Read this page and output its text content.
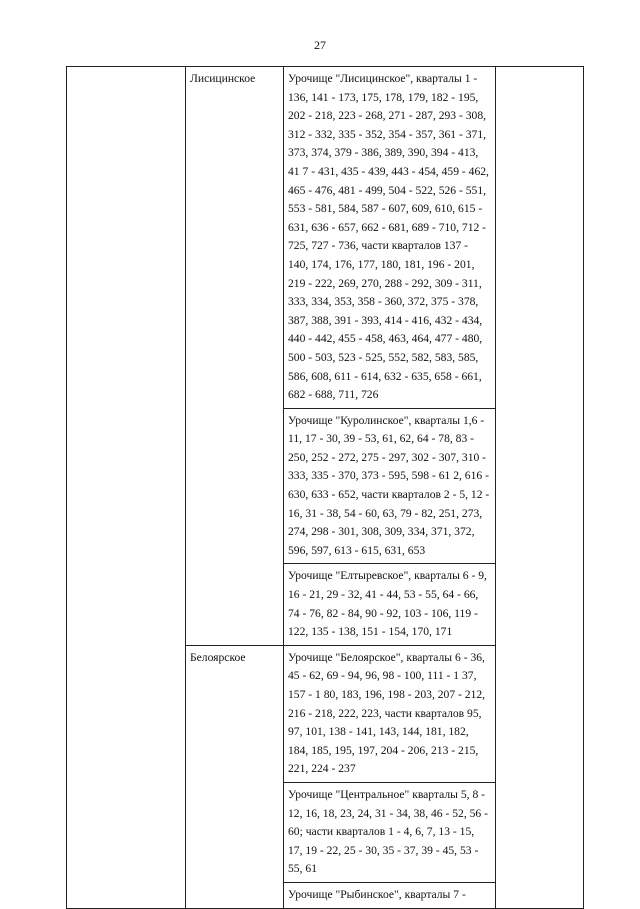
27
	Лисицинское	Урочище "Лисицинское", кварталы 1 - 136, 141 - 173, 175, 178, 179, 182 - 195, 202 - 218, 223 - 268, 271 - 287, 293 - 308, 312 - 332, 335 - 352, 354 - 357, 361 - 371, 373, 374, 379 - 386, 389, 390, 394 - 413, 41 7 - 431, 435 - 439, 443 - 454, 459 - 462, 465 - 476, 481 - 499, 504 - 522, 526 - 551, 553 - 581, 584, 587 - 607, 609, 610, 615 - 631, 636 - 657, 662 - 681, 689 - 710, 712 - 725, 727 - 736, части кварталов 137 - 140, 174, 176, 177, 180, 181, 196 - 201, 219 - 222, 269, 270, 288 - 292, 309 - 311, 333, 334, 353, 358 - 360, 372, 375 - 378, 387, 388, 391 - 393, 414 - 416, 432 - 434, 440 - 442, 455 - 458, 463, 464, 477 - 480, 500 - 503, 523 - 525, 552, 582, 583, 585, 586, 608, 611 - 614, 632 - 635, 658 - 661, 682 - 688, 711, 726	
		Урочище "Куролинское", кварталы 1,6 - 11, 17 - 30, 39 - 53, 61, 62, 64 - 78, 83 - 250, 252 - 272, 275 - 297, 302 - 307, 310 - 333, 335 - 370, 373 - 595, 598 - 61 2, 616 - 630, 633 - 652, части кварталов 2 - 5, 12 - 16, 31 - 38, 54 - 60, 63, 79 - 82, 251, 273, 274, 298 - 301, 308, 309, 334, 371, 372, 596, 597, 613 - 615, 631, 653	
		Урочище "Елтыревское", кварталы 6 - 9, 16 - 21, 29 - 32, 41 - 44, 53 - 55, 64 - 66, 74 - 76, 82 - 84, 90 - 92, 103 - 106, 119 - 122, 135 - 138, 151 - 154, 170, 171	
	Белоярское	Урочище "Белоярское", кварталы 6 - 36, 45 - 62, 69 - 94, 96, 98 - 100, 111 - 1 37, 157 - 1 80, 183, 196, 198 - 203, 207 - 212, 216 - 218, 222, 223, части кварталов 95, 97, 101, 138 - 141, 143, 144, 181, 182, 184, 185, 195, 197, 204 - 206, 213 - 215, 221, 224 - 237	
		Урочище "Центральное" кварталы 5, 8 - 12, 16, 18, 23, 24, 31 - 34, 38, 46 - 52, 56 - 60; части кварталов 1 - 4, 6, 7, 13 - 15, 17, 19 - 22, 25 - 30, 35 - 37, 39 - 45, 53 - 55, 61	
		Урочище "Рыбинское", кварталы 7 -	
